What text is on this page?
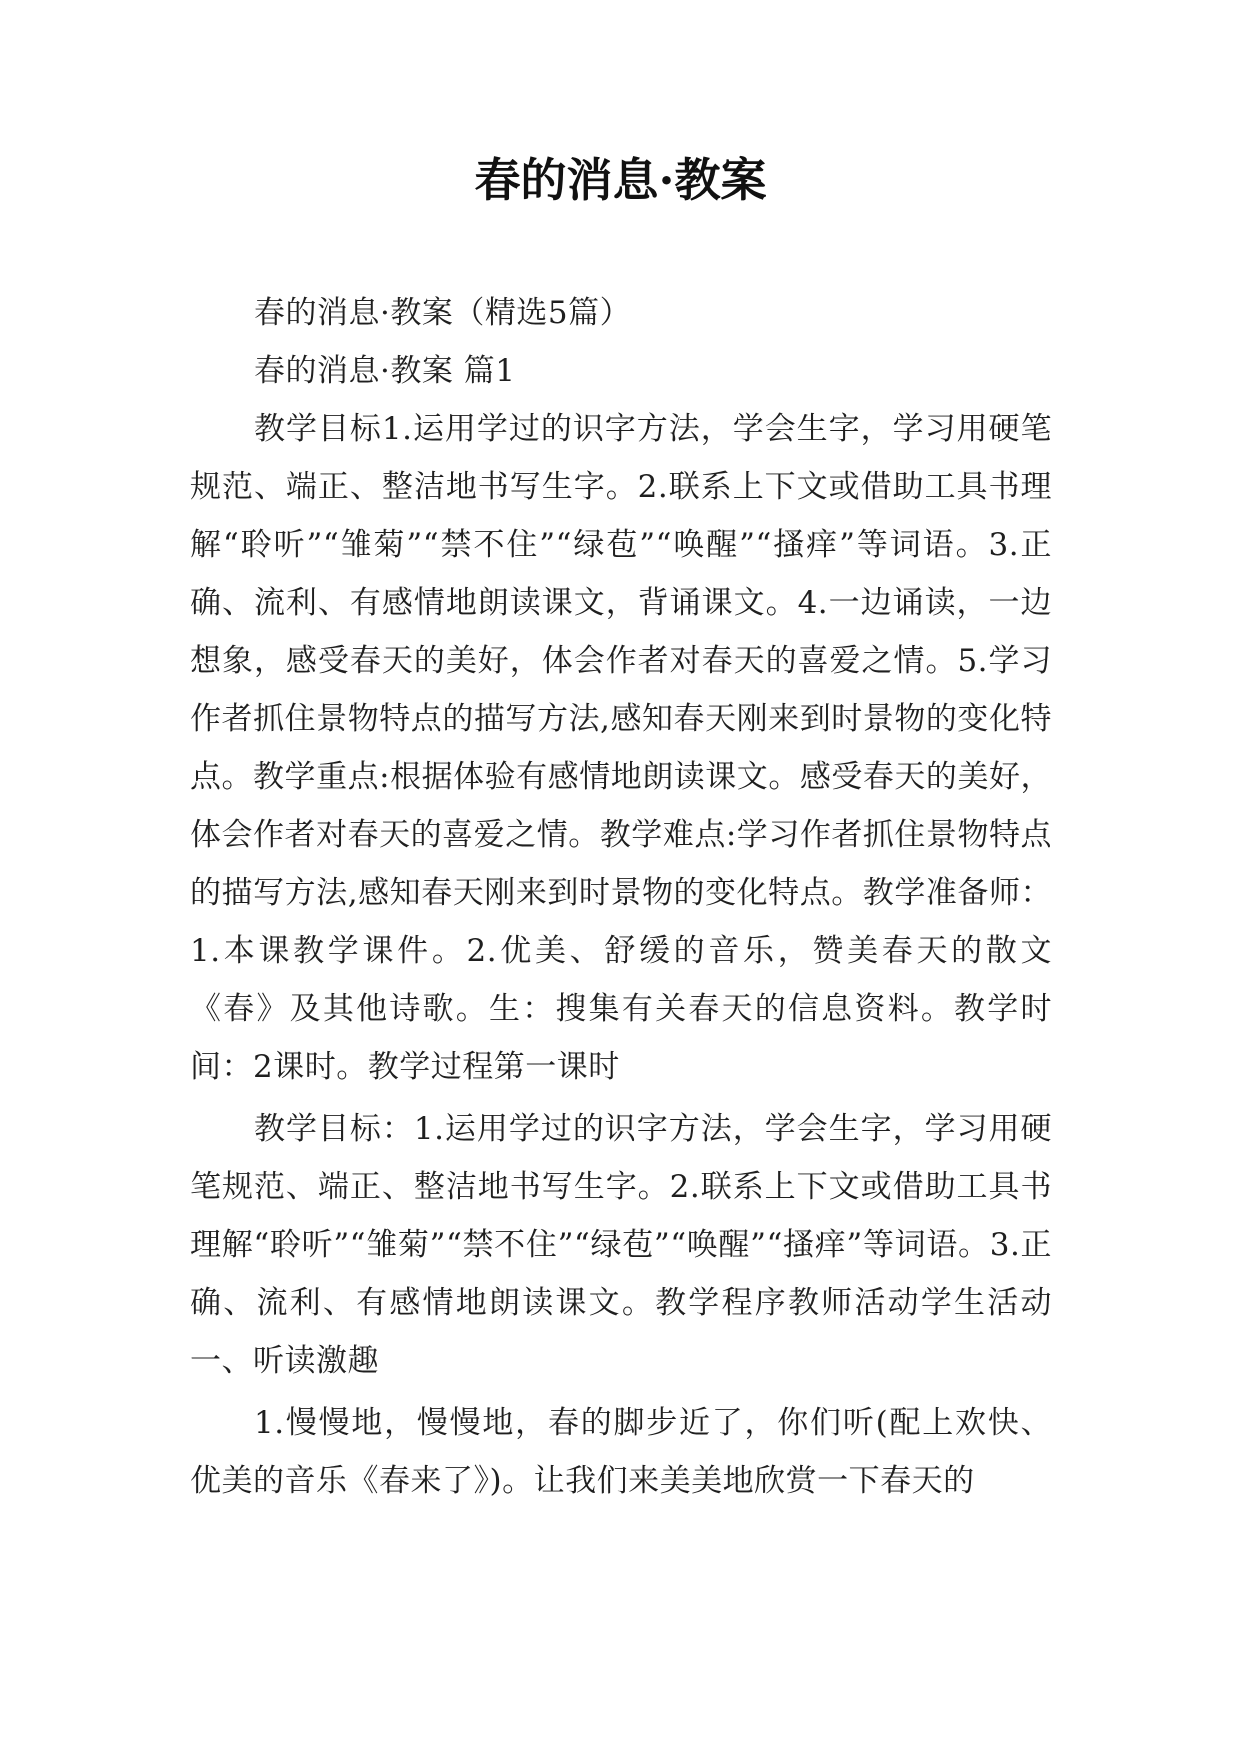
春的消息·教案

春的消息·教案（精选5篇）

春的消息·教案 篇1

教学目标1.运用学过的识字方法，学会生字，学习用硬笔规范、端正、整洁地书写生字。2.联系上下文或借助工具书理解“聆听”“雏菊”“禁不住”“绿苞”“唤醒”“搔痒”等词语。3.正确、流利、有感情地朗读课文，背诵课文。4.一边诵读，一边想象，感受春天的美好，体会作者对春天的喜爱之情。5.学习作者抓住景物特点的描写方法,感知春天刚来到时景物的变化特点。教学重点:根据体验有感情地朗读课文。感受春天的美好，体会作者对春天的喜爱之情。教学难点:学习作者抓住景物特点的描写方法,感知春天刚来到时景物的变化特点。教学准备师：1.本课教学课件。2.优美、舒缓的音乐，赞美春天的散文《春》及其他诗歌。生：搜集有关春天的信息资料。教学时间：2课时。教学过程第一课时

教学目标：1.运用学过的识字方法，学会生字，学习用硬笔规范、端正、整洁地书写生字。2.联系上下文或借助工具书理解“聆听”“雏菊”“禁不住”“绿苞”“唤醒”“搔痒”等词语。3.正确、流利、有感情地朗读课文。教学程序教师活动学生活动一、听读激趣

1.慢慢地，慢慢地，春的脚步近了，你们听(配上欢快、优美的音乐《春来了》)。让我们来美美地欣赏一下春天的
